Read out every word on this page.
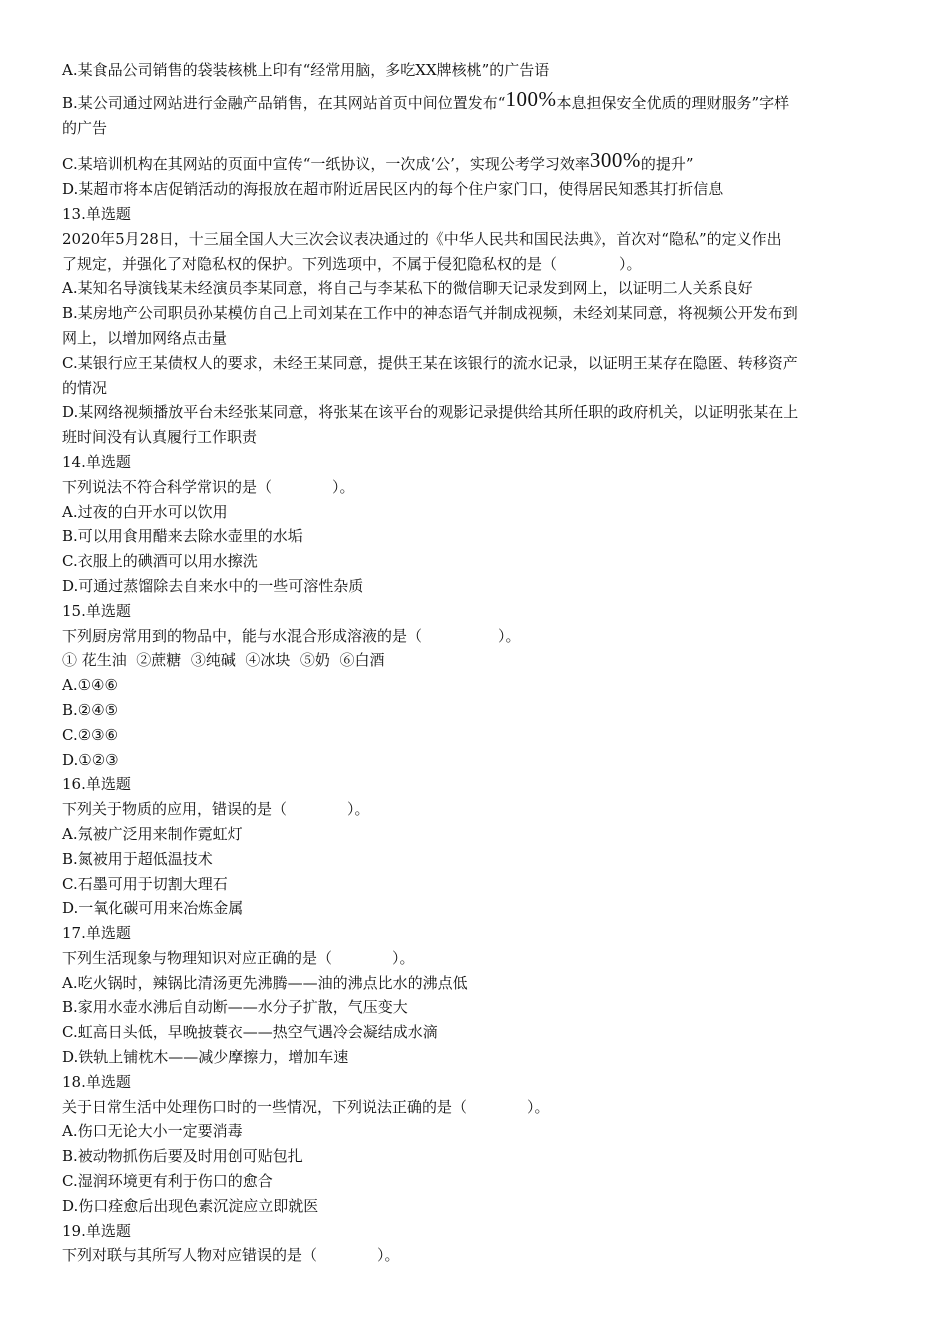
A.某食品公司销售的袋装核桃上印有“经常用脑，多吃XX牌核桃”的广告语
B.某公司通过网站进行金融产品销售，在其网站首页中间位置发布“100%本息担保安全优质的理财服务”字样
的广告
C.某培训机构在其网站的页面中宣传“一纸协议，一次成‘公’，实现公考学习效率300%的提升”
D.某超市将本店促销活动的海报放在超市附近居民区内的每个住户家门口，使得居民知悉其打折信息
13.单选题
2020年5月28日，十三届全国人大三次会议表决通过的《中华人民共和国民法典》，首次对“隐私”的定义作出
了规定，并强化了对隐私权的保护。下列选项中，不属于侵犯隐私权的是（	）。
A.某知名导演钱某未经演员李某同意，将自己与李某私下的微信聊天记录发到网上，以证明二人关系良好
B.某房地产公司职员孙某模仿自己上司刘某在工作中的神态语气并制成视频，未经刘某同意，将视频公开发布到
网上，以增加网络点击量
C.某银行应王某债权人的要求，未经王某同意，提供王某在该银行的流水记录，以证明王某存在隐匿、转移资产
的情况
D.某网络视频播放平台未经张某同意，将张某在该平台的观影记录提供给其所任职的政府机关，以证明张某在上
班时间没有认真履行工作职责
14.单选题
下列说法不符合科学常识的是（	）。
A.过夜的白开水可以饮用
B.可以用食用醋来去除水壶里的水垢
C.衣服上的碘酒可以用水擦洗
D.可通过蒸馏除去自来水中的一些可溶性杂质
15.单选题
下列厨房常用到的物品中，能与水混合形成溶液的是（	）。
① 花生油  ②蔗糖  ③纯碱  ④冰块  ⑤奶  ⑥白酒
A.①④⑥
B.②④⑤
C.②③⑥
D.①②③
16.单选题
下列关于物质的应用，错误的是（	）。
A.氖被广泛用来制作霓虹灯
B.氮被用于超低温技术
C.石墨可用于切割大理石
D.一氧化碳可用来冶炼金属
17.单选题
下列生活现象与物理知识对应正确的是（	）。
A.吃火锅时，辣锅比清汤更先沸腾——油的沸点比水的沸点低
B.家用水壶水沸后自动断——水分子扩散，气压变大
C.虹高日头低，早晚披蓑衣——热空气遇冷会凝结成水滴
D.铁轨上铺枕木——减少摩擦力，增加车速
18.单选题
关于日常生活中处理伤口时的一些情况，下列说法正确的是（	）。
A.伤口无论大小一定要消毒
B.被动物抓伤后要及时用创可贴包扎
C.湿润环境更有利于伤口的愈合
D.伤口痊愈后出现色素沉淀应立即就医
19.单选题
下列对联与其所写人物对应错误的是（	）。
